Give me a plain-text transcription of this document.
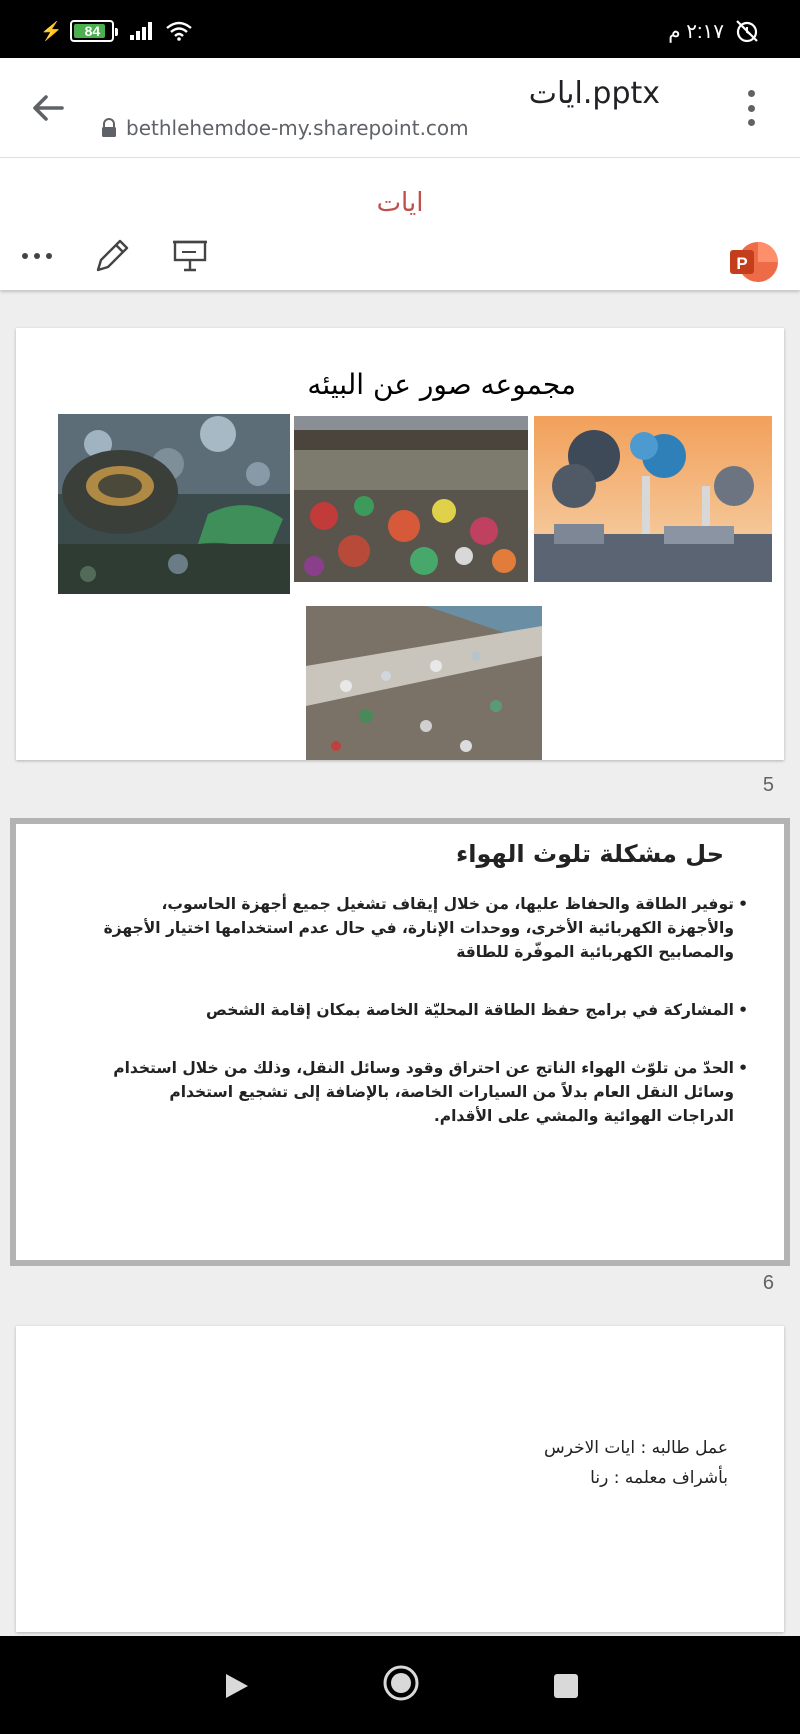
⚡ 84	٢:١٧ م
ايات.pptx
bethlehemdoe-my.sharepoint.com
ايات
P
مجموعه صور عن البيئه
5
حل مشكلة تلوث الهواء
• توفير الطاقة والحفاظ عليها، من خلال إيقاف تشغيل جميع أجهزة الحاسوب، والأجهزة الكهربائية الأخرى، ووحدات الإنارة، في حال عدم استخدامها اختيار الأجهزة والمصابيح الكهربائية الموفّرة للطاقة
• المشاركة في برامج حفظ الطاقة المحليّة الخاصة بمكان إقامة الشخص
• الحدّ من تلوّث الهواء الناتج عن احتراق وقود وسائل النقل، وذلك من خلال استخدام وسائل النقل العام بدلاً من السيارات الخاصة، بالإضافة إلى تشجيع استخدام الدراجات الهوائية والمشي على الأقدام.
6
عمل طالبه : ايات الاخرس
بأشراف معلمه : رنا
